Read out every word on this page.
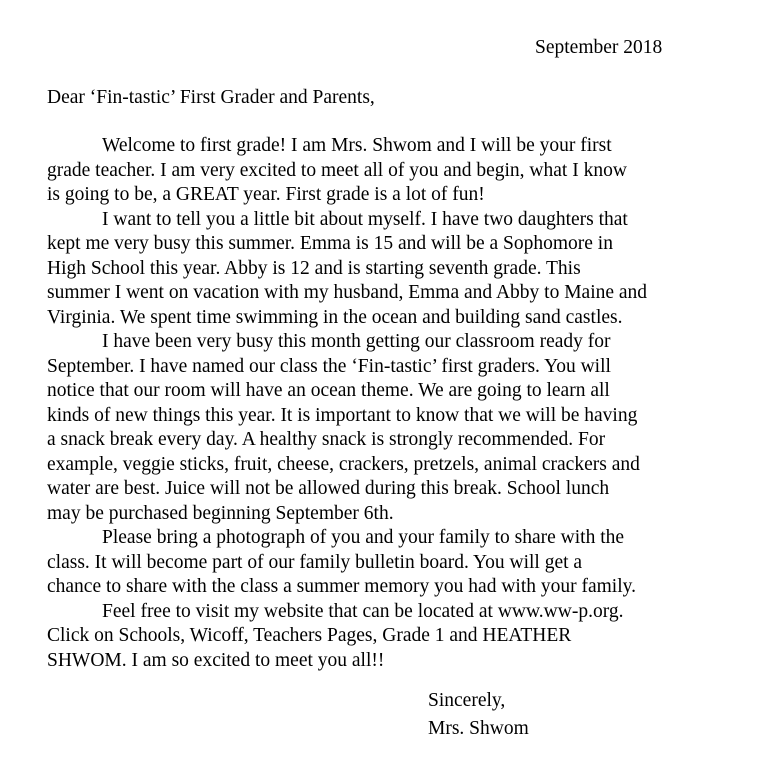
September 2018
Dear ‘Fin-tastic’ First Grader and Parents,
Welcome to first grade! I am Mrs. Shwom and I will be your first
grade teacher. I am very excited to meet all of you and begin, what I know
is going to be, a GREAT year. First grade is a lot of fun!
I want to tell you a little bit about myself. I have two daughters that
kept me very busy this summer. Emma is 15 and will be a Sophomore in
High School this year. Abby is 12 and is starting seventh grade. This
summer I went on vacation with my husband, Emma and Abby to Maine and
Virginia. We spent time swimming in the ocean and building sand castles.
I have been very busy this month getting our classroom ready for
September. I have named our class the ‘Fin-tastic’ first graders. You will
notice that our room will have an ocean theme. We are going to learn all
kinds of new things this year. It is important to know that we will be having
a snack break every day. A healthy snack is strongly recommended. For
example, veggie sticks, fruit, cheese, crackers, pretzels, animal crackers and
water are best. Juice will not be allowed during this break. School lunch
may be purchased beginning September 6th.
Please bring a photograph of you and your family to share with the
class. It will become part of our family bulletin board. You will get a
chance to share with the class a summer memory you had with your family.
Feel free to visit my website that can be located at www.ww-p.org.
Click on Schools, Wicoff, Teachers Pages, Grade 1 and HEATHER
SHWOM. I am so excited to meet you all!!
Sincerely,
Mrs. Shwom
